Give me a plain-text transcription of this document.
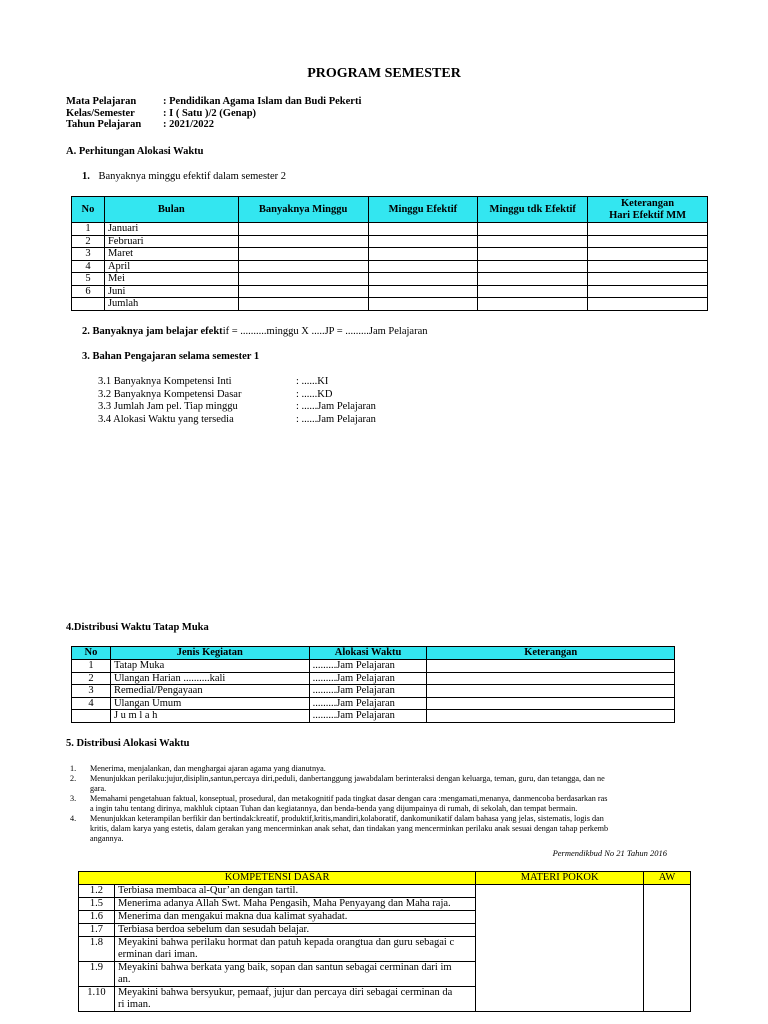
PROGRAM SEMESTER
Mata Pelajaran	: Pendidikan Agama Islam dan Budi Pekerti
Kelas/Semester	: I ( Satu )/2 (Genap)
Tahun Pelajaran	: 2021/2022
A. Perhitungan Alokasi Waktu
1. Banyaknya minggu efektif dalam semester 2
No	Bulan	Banyaknya Minggu	Minggu Efektif	Minggu tdk Efektif	Keterangan
Hari Efektif MM

1	Januari				
2	Februari				
3	Maret				
4	April				
5	Mei				
6	Juni				
	Jumlah				
2. Banyaknya jam belajar efektif = ..........minggu X .....JP = .........Jam Pelajaran
3. Bahan Pengajaran selama semester 1
3.1 Banyaknya Kompetensi Inti	: ......KI
3.2 Banyaknya Kompetensi Dasar	: ......KD
3.3 Jumlah Jam pel. Tiap minggu	: ......Jam Pelajaran
3.4 Alokasi Waktu yang tersedia	: ......Jam Pelajaran
4.Distribusi Waktu Tatap Muka
No	Jenis Kegiatan	Alokasi Waktu	Keterangan
1	Tatap Muka	.........Jam Pelajaran	
2	Ulangan Harian ..........kali	.........Jam Pelajaran	
3	Remedial/Pengayaan	.........Jam Pelajaran	
4	Ulangan Umum	.........Jam Pelajaran	
	J u m l a h	.........Jam Pelajaran	
5. Distribusi Alokasi Waktu
1.	Menerima, menjalankan, dan menghargai ajaran agama yang dianutnya.
2.	Menunjukkan perilaku:jujur,disiplin,santun,percaya diri,peduli, danbertanggung jawabdalam berinteraksi dengan keluarga, teman, guru, dan tetangga, dan ne
gara.
3.	Memahami pengetahuan faktual, konseptual, prosedural, dan metakognitif pada tingkat dasar dengan cara :mengamati,menanya, danmencoba berdasarkan ras
a ingin tahu tentang dirinya, makhluk ciptaan Tuhan dan kegiatannya, dan benda-benda yang dijumpainya di rumah, di sekolah, dan tempat bermain.
4.	Menunjukkan keterampilan berfikir dan bertindak:kreatif, produktif,kritis,mandiri,kolaboratif, dankomunikatif dalam bahasa yang jelas, sistematis, logis dan
kritis, dalam karya yang estetis, dalam gerakan yang mencerminkan anak sehat, dan tindakan yang mencerminkan perilaku anak sesuai dengan tahap perkemb
angannya.
Permendikbud No 21 Tahun 2016
KOMPETENSI DASAR		MATERI POKOK	AW
1.2	Terbiasa membaca al-Qur’an dengan tartil.		

1.5	Menerima adanya Allah Swt. Maha Pengasih, Maha Penyayang dan Maha raja.		

1.6	Menerima dan mengakui makna dua kalimat syahadat.		

1.7	Terbiasa berdoa sebelum dan sesudah belajar.		

1.8	Meyakini bahwa perilaku hormat dan patuh kepada orangtua dan guru sebagai c
erminan dari iman.		

1.9	Meyakini bahwa berkata yang baik, sopan dan santun sebagai cerminan dari im
an.		

1.10	Meyakini bahwa bersyukur, pemaaf, jujur dan percaya diri sebagai cerminan da
ri iman.		
